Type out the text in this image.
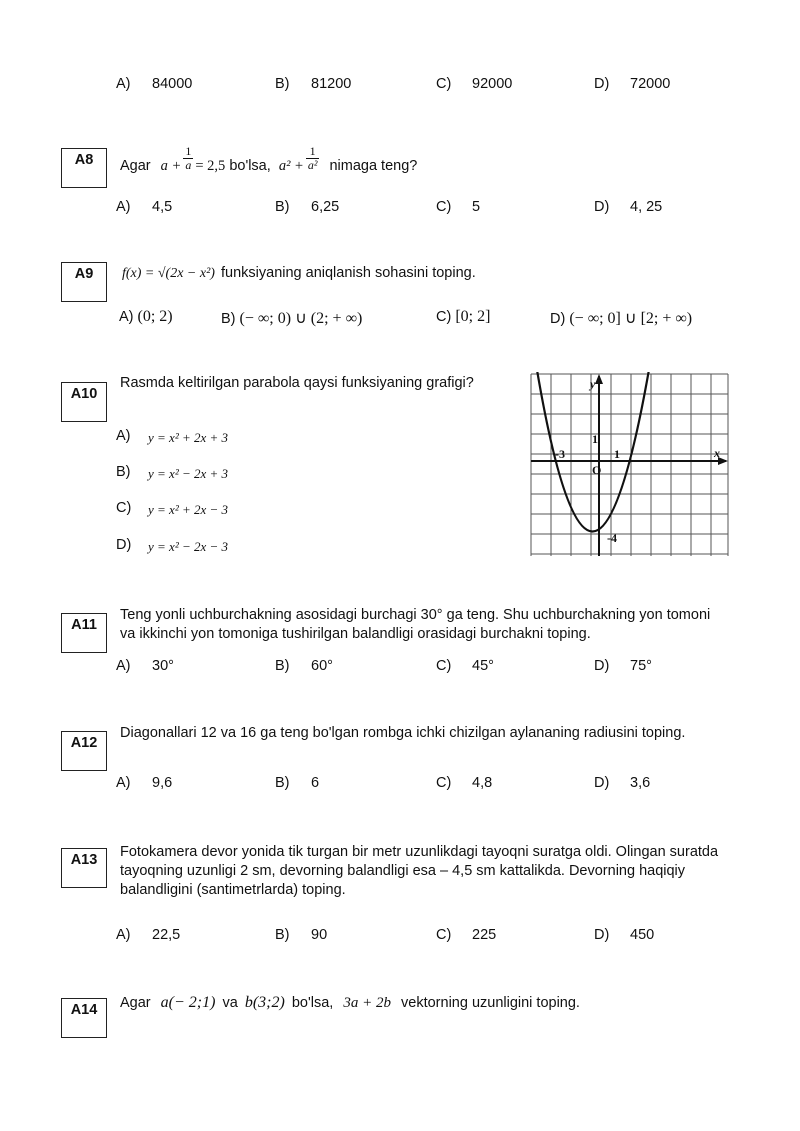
A) 84000	B) 81200	C) 92000	D) 72000
A8	Agar $a + \frac{1}{a} = 2,5$ bo'lsa, $a^2 + \frac{1}{\text{a²}}$ nimaga teng?
A) 4,5	B) 6,25	C) 5	D) 4, 25
A9	f(x) = √(2x − x²) funksiyaning aniqlanish sohasini toping.
A) (0; 2)	B) (− ∞; 0) ∪ (2; + ∞)	C) [0; 2]	D) (− ∞; 0] ∪ [2; + ∞)
A10
Rasmda keltirilgan parabola qaysi funksiyaning grafigi?
A) y = x² + 2x + 3
B) y = x² − 2x + 3
C) y = x² + 2x − 3
D) y = x² − 2x − 3
y
x
O
-3	1
1
-4
A11
Teng yonli uchburchakning asosidagi burchagi 30° ga teng. Shu uchburchakning yon tomoni
va ikkinchi yon tomoniga tushirilgan balandligi orasidagi burchakni toping.
A) 30°	B) 60°	C) 45°	D) 75°
A12
Diagonallari 12 va 16 ga teng bo'lgan rombga ichki chizilgan aylananing radiusini toping.
A) 9,6	B) 6	C) 4,8	D) 3,6
A13	Fotokamera devor yonida tik turgan bir metr uzunlikdagi tayoqni suratga oldi. Olingan suratda
tayoqning uzunligi 2 sm, devorning balandligi esa – 4,5 sm kattalikda. Devorning haqiqiy
balandligini (santimetrlarda) toping.
A) 22,5	B) 90	C) 225	D) 450
A14	Agar a(− 2;1) va b(3;2) bo'lsa, 3a + 2b vektorning uzunligini toping.
